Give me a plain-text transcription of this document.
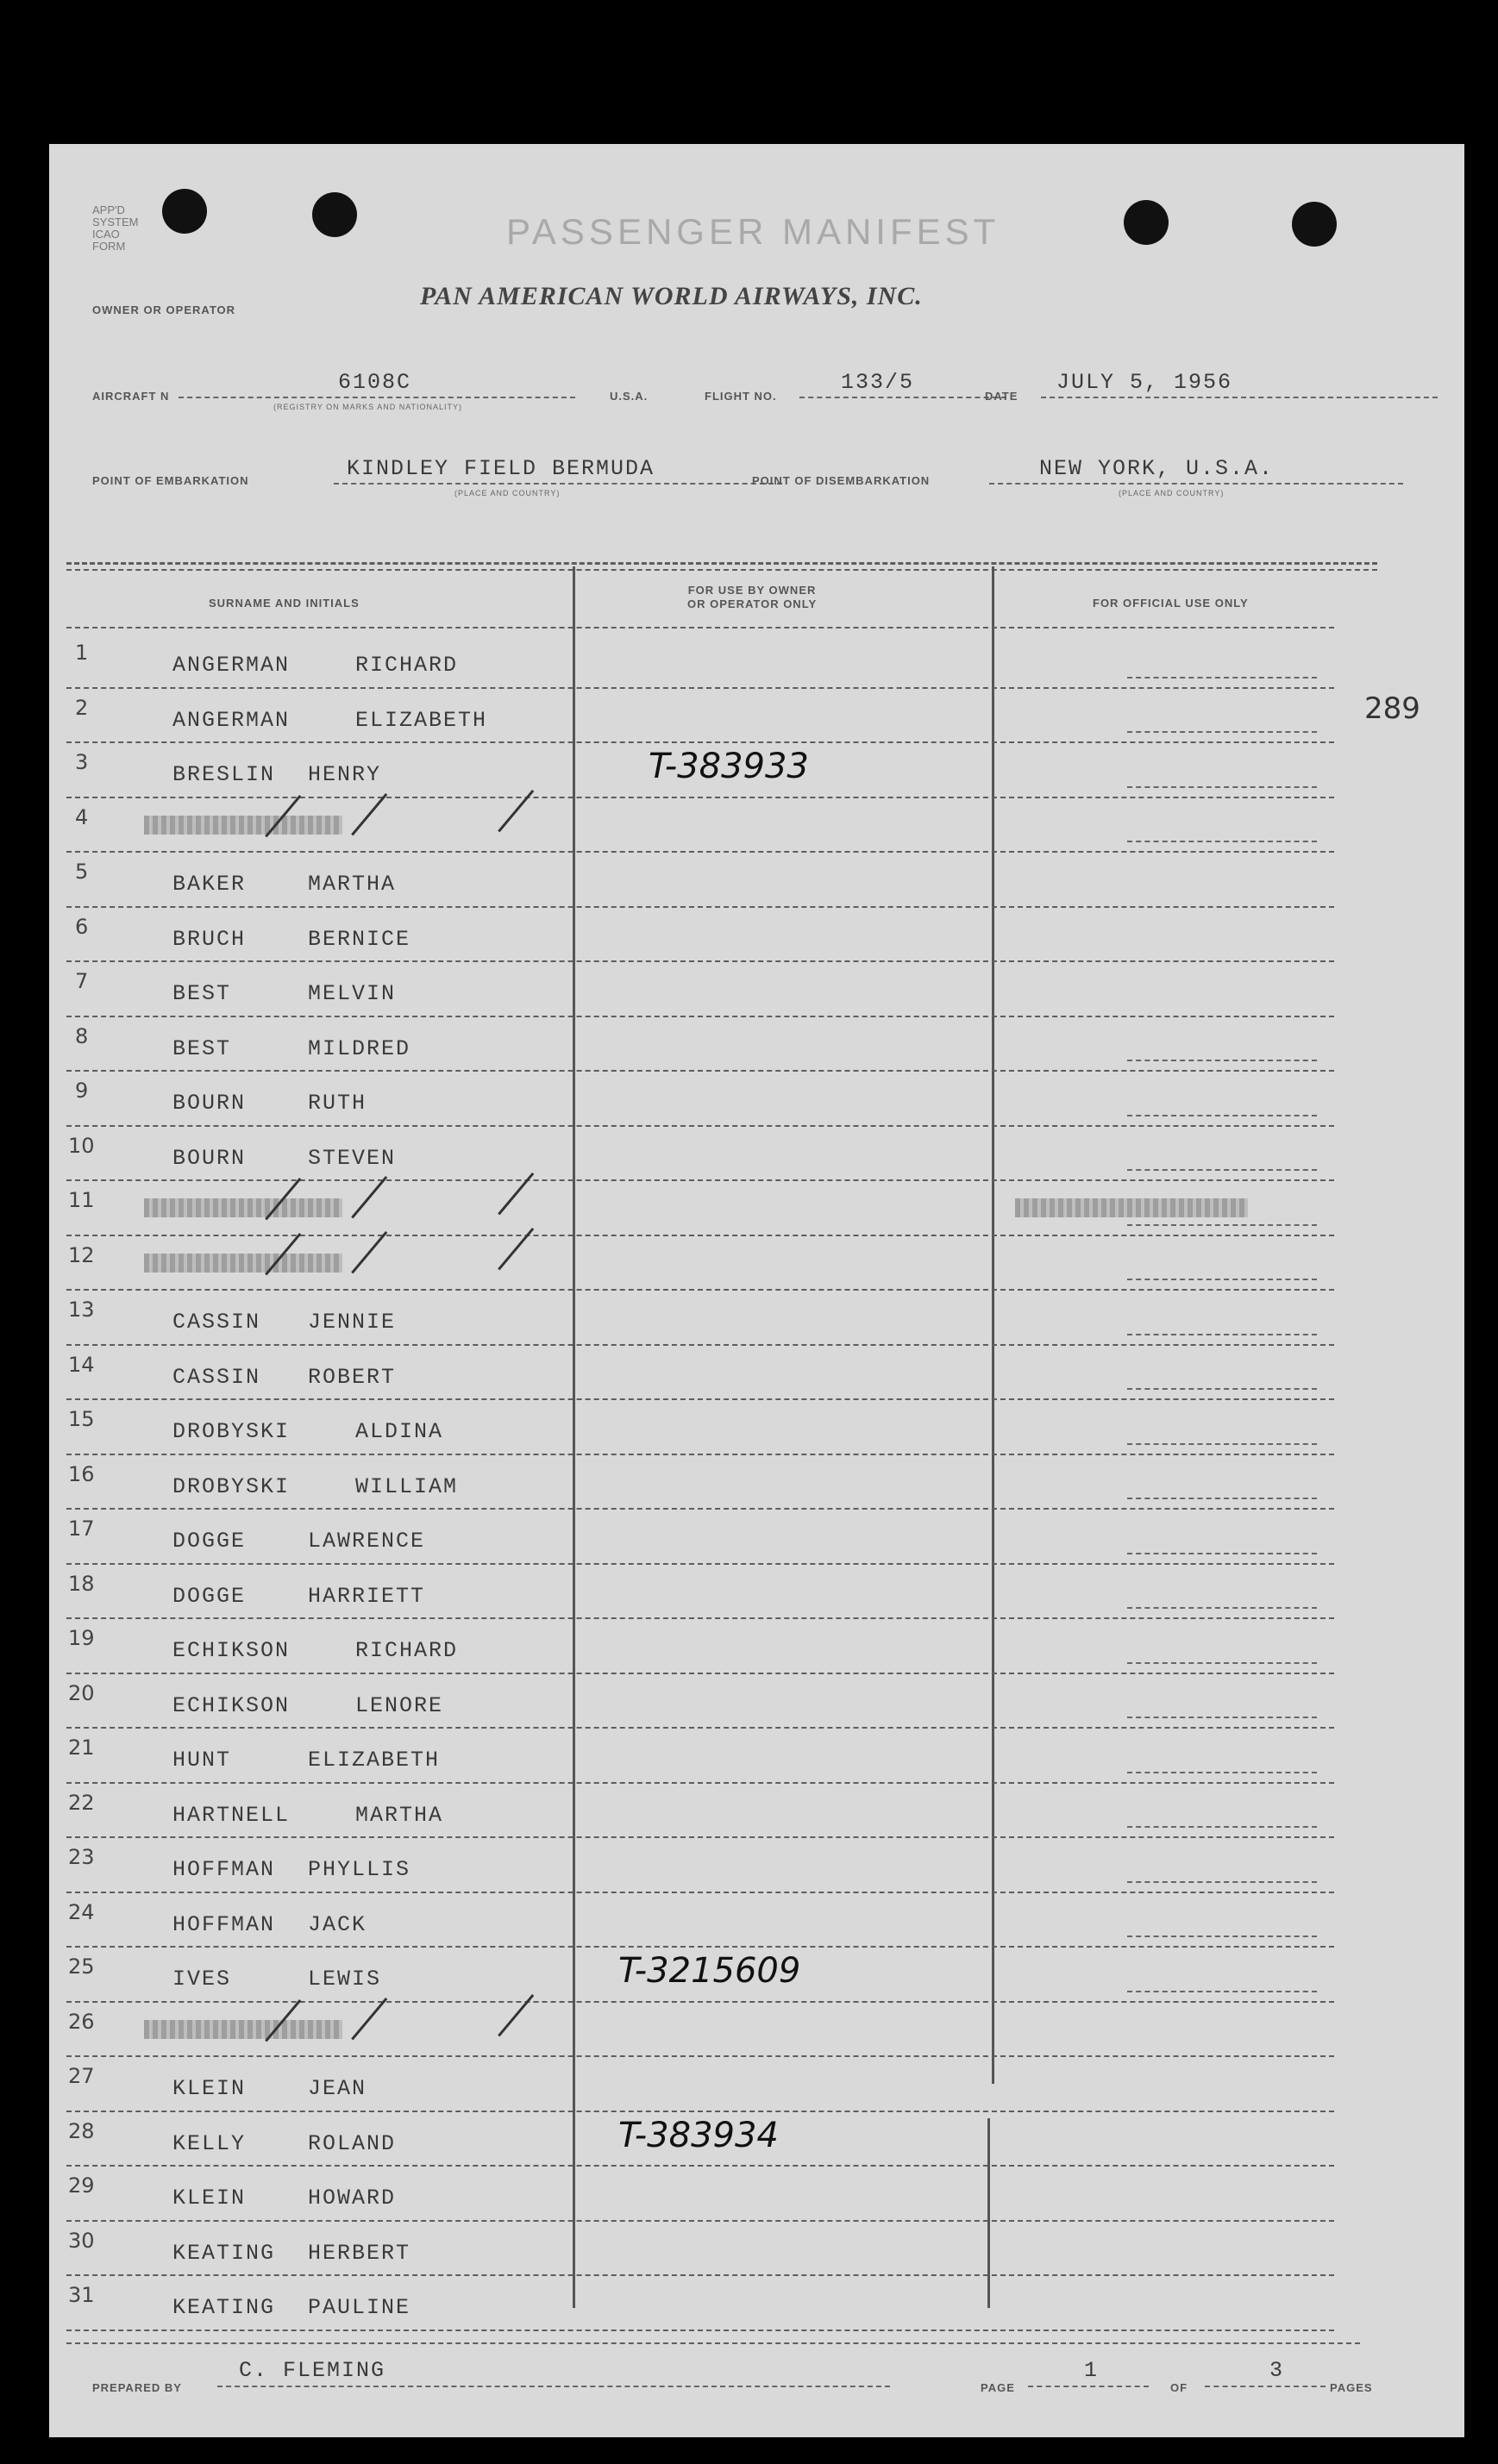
APP'D
SYSTEM
ICAO
FORM	PASSENGER MANIFEST
OWNER OR OPERATOR	PAN AMERICAN WORLD AIRWAYS, INC.
AIRCRAFT N
6108C
(REGISTRY ON MARKS AND NATIONALITY)
U.S.A.	FLIGHT NO.
133/5
DATE
JULY 5, 1956
POINT OF EMBARKATION	KINDLEY FIELD BERMUDA
(PLACE AND COUNTRY)
POINT OF DISEMBARKATION	NEW YORK, U.S.A.
(PLACE AND COUNTRY)
SURNAME AND INITIALS
FOR USE BY OWNER
OR OPERATOR ONLY	FOR OFFICIAL USE ONLY
1	ANGERMAN	RICHARD
2	ANGERMAN	ELIZABETH
3	BRESLIN HENRY	T-383933
4
5	BAKER	MARTHA
6	BRUCH	BERNICE
7	BEST	MELVIN
8	BEST	MILDRED
9	BOURN	RUTH
10	BOURN	STEVEN
11
12
13	CASSIN JENNIE
14	CASSIN ROBERT
15	DROBYSKI	ALDINA
16	DROBYSKI	WILLIAM
17	DOGGE	LAWRENCE
18	DOGGE	HARRIETT
19	ECHIKSON	RICHARD
20	ECHIKSON	LENORE
21	HUNT	ELIZABETH
22	HARTNELL	MARTHA
23	HOFFMAN PHYLLIS
24	HOFFMAN JACK
25	IVES	LEWIS	T-3215609
26
27	KLEIN	JEAN
28	KELLY	ROLAND	T-383934
29	KLEIN	HOWARD
30	KEATING HERBERT
31	KEATING PAULINE
289
PREPARED BY
C. FLEMING
PAGE
1
OF
3
PAGES
